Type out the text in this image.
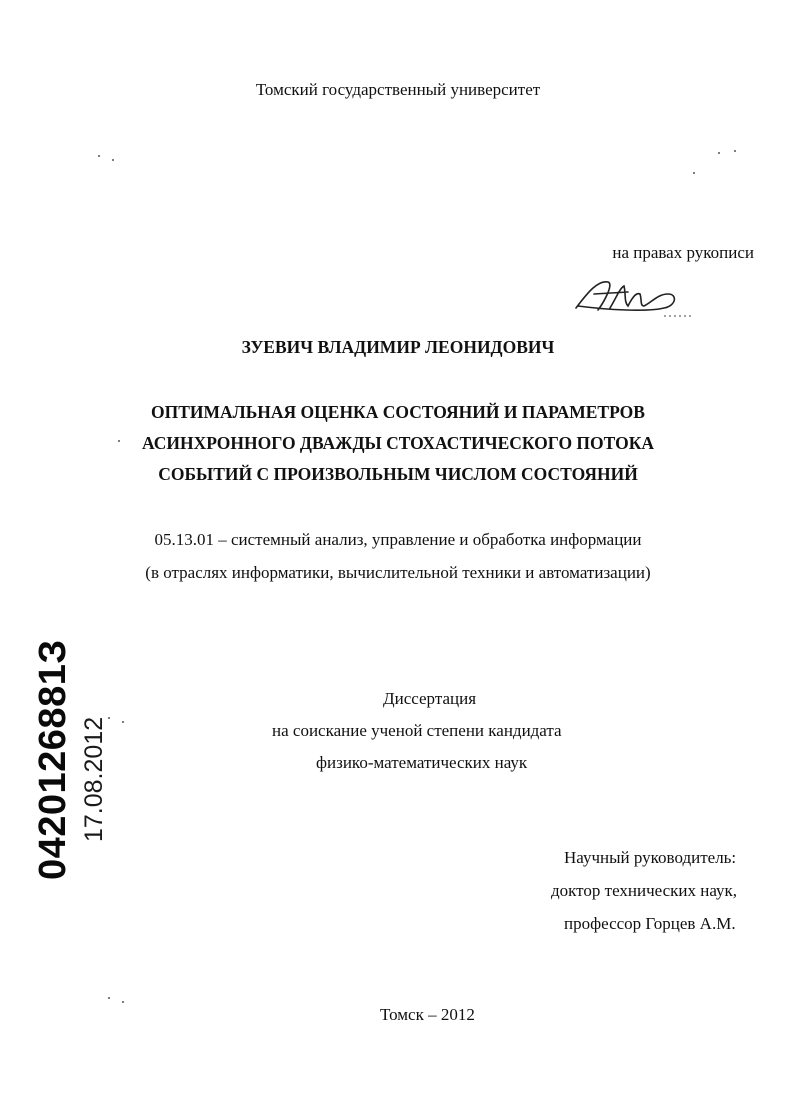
Томский государственный университет
на правах рукописи
ЗУЕВИЧ ВЛАДИМИР ЛЕОНИДОВИЧ
ОПТИМАЛЬНАЯ ОЦЕНКА СОСТОЯНИЙ И ПАРАМЕТРОВ
АСИНХРОННОГО ДВАЖДЫ СТОХАСТИЧЕСКОГО ПОТОКА
СОБЫТИЙ С ПРОИЗВОЛЬНЫМ ЧИСЛОМ СОСТОЯНИЙ
05.13.01 – системный анализ, управление и обработка информации
(в отраслях информатики, вычислительной техники и автоматизации)
Диссертация
на соискание ученой степени кандидата
физико-математических наук
Научный руководитель:
доктор технических наук,
профессор Горцев А.М.
Томск – 2012
0420126881З 17.08.2012
